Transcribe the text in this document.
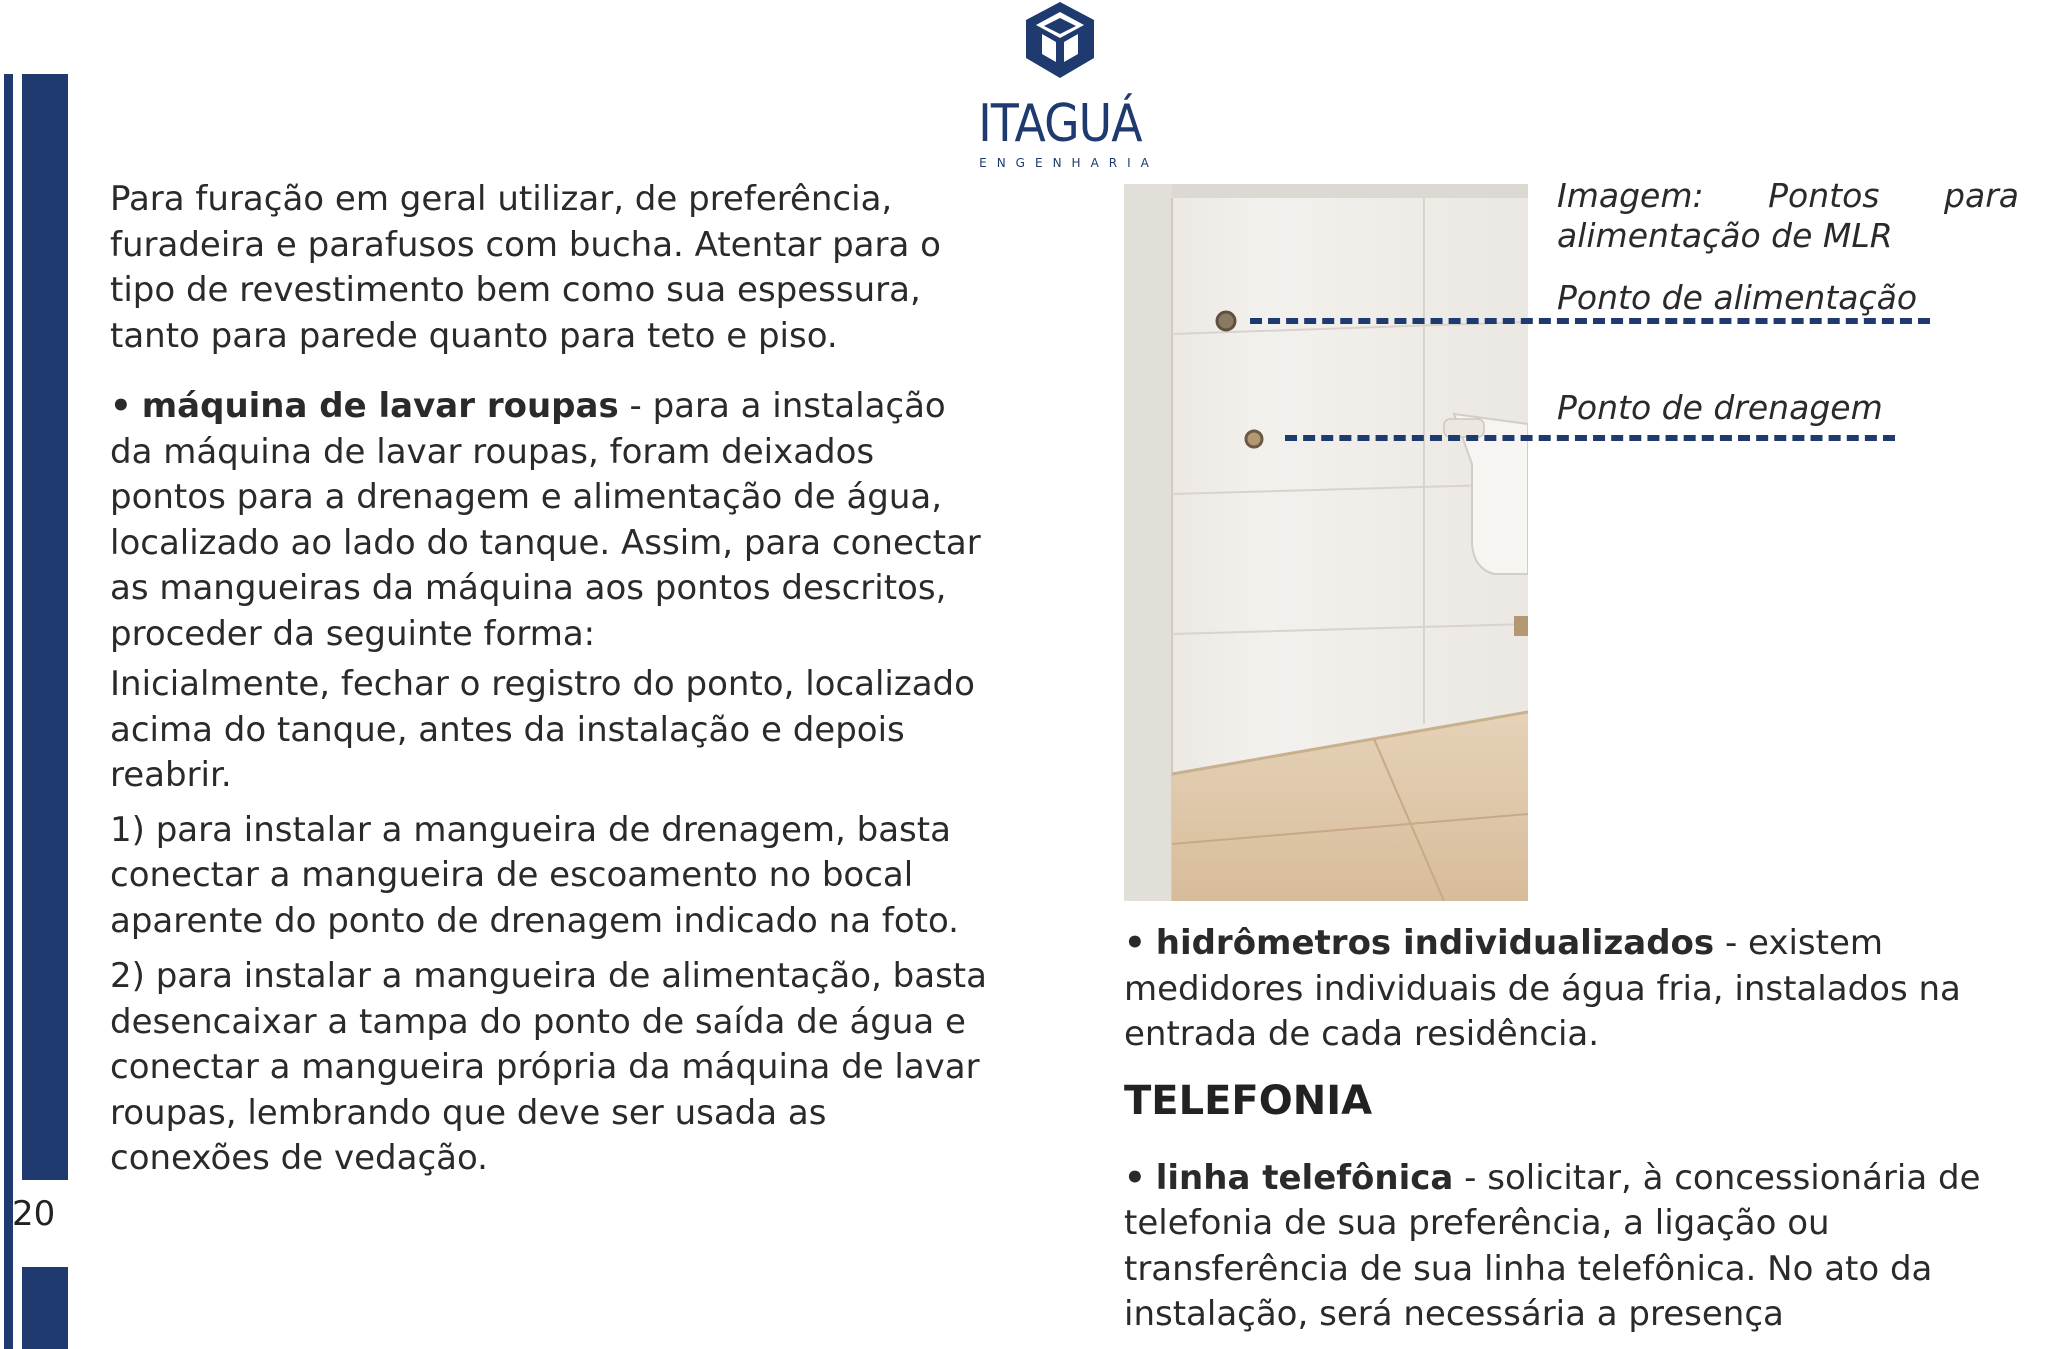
20
ITAGUÁ
ENGENHARIA

Para furação em geral utilizar, de preferência, furadeira e parafusos com bucha. Atentar para o tipo de revestimento bem como sua espessura, tanto para parede quanto para teto e piso.

• máquina de lavar roupas - para a instalação da máquina de lavar roupas, foram deixados pontos para a drenagem e alimentação de água, localizado ao lado do tanque. Assim, para conectar as mangueiras da máquina aos pontos descritos, proceder da seguinte forma:

Inicialmente, fechar o registro do ponto, localizado acima do tanque, antes da instalação e depois reabrir.

1) para instalar a mangueira de drenagem, basta conectar a mangueira de escoamento no bocal aparente do ponto de drenagem indicado na foto.

2) para instalar a mangueira de alimentação, basta desencaixar a tampa do ponto de saída de água e conectar a mangueira própria da máquina de lavar roupas, lembrando que deve ser usada as conexões de vedação.

Imagem: Pontos para alimentação de MLR
Ponto de alimentação
Ponto de drenagem

• hidrômetros individualizados - existem medidores individuais de água fria, instalados na entrada de cada residência.

TELEFONIA

• linha telefônica - solicitar, à concessionária de telefonia de sua preferência, a ligação ou transferência de sua linha telefônica. No ato da instalação, será necessária a presença
